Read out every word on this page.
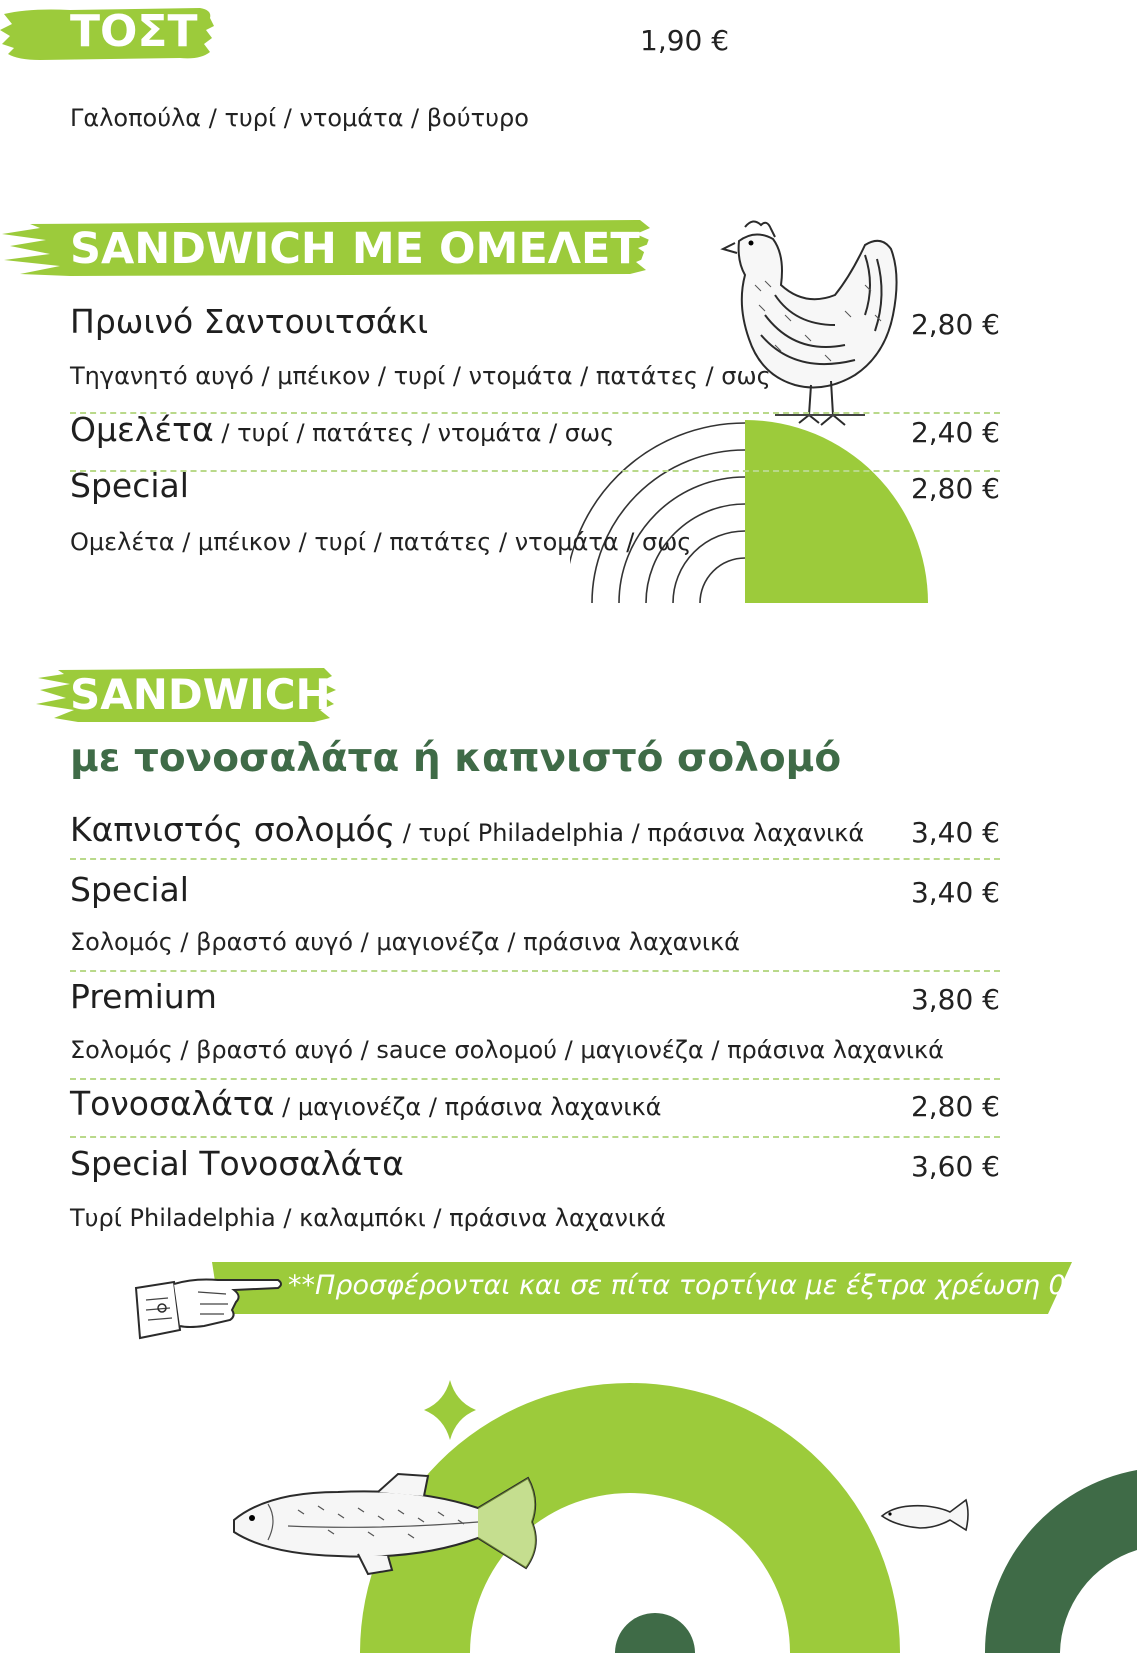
ΤΟΣΤ	1,90 €
Γαλοπούλα / τυρί / ντομάτα / βούτυρο
SANDWICH ΜΕ ΟΜΕΛΕΤΑ
Πρωινό Σαντουιτσάκι	2,80 €
Τηγανητό αυγό / μπέικον / τυρί / ντομάτα / πατάτες / σως
Ομελέτα / τυρί / πατάτες / ντομάτα / σως	2,40 €
Special	2,80 €
Ομελέτα / μπέικον / τυρί / πατάτες / ντομάτα / σως
SANDWICH
με τονοσαλάτα ή καπνιστό σολομό
Καπνιστός σολομός / τυρί Philadelphia / πράσινα λαχανικά	3,40 €
Special	3,40 €
Σολομός / βραστό αυγό / μαγιονέζα / πράσινα λαχανικά
Premium	3,80 €
Σολομός / βραστό αυγό / sauce σολομού / μαγιονέζα / πράσινα λαχανικά
Τονοσαλάτα / μαγιονέζα / πράσινα λαχανικά	2,80 €
Special Τονοσαλάτα	3,60 €
Τυρί Philadelphia / καλαμπόκι / πράσινα λαχανικά
**Προσφέρονται και σε πίτα τορτίγια με έξτρα χρέωση 0,40€
